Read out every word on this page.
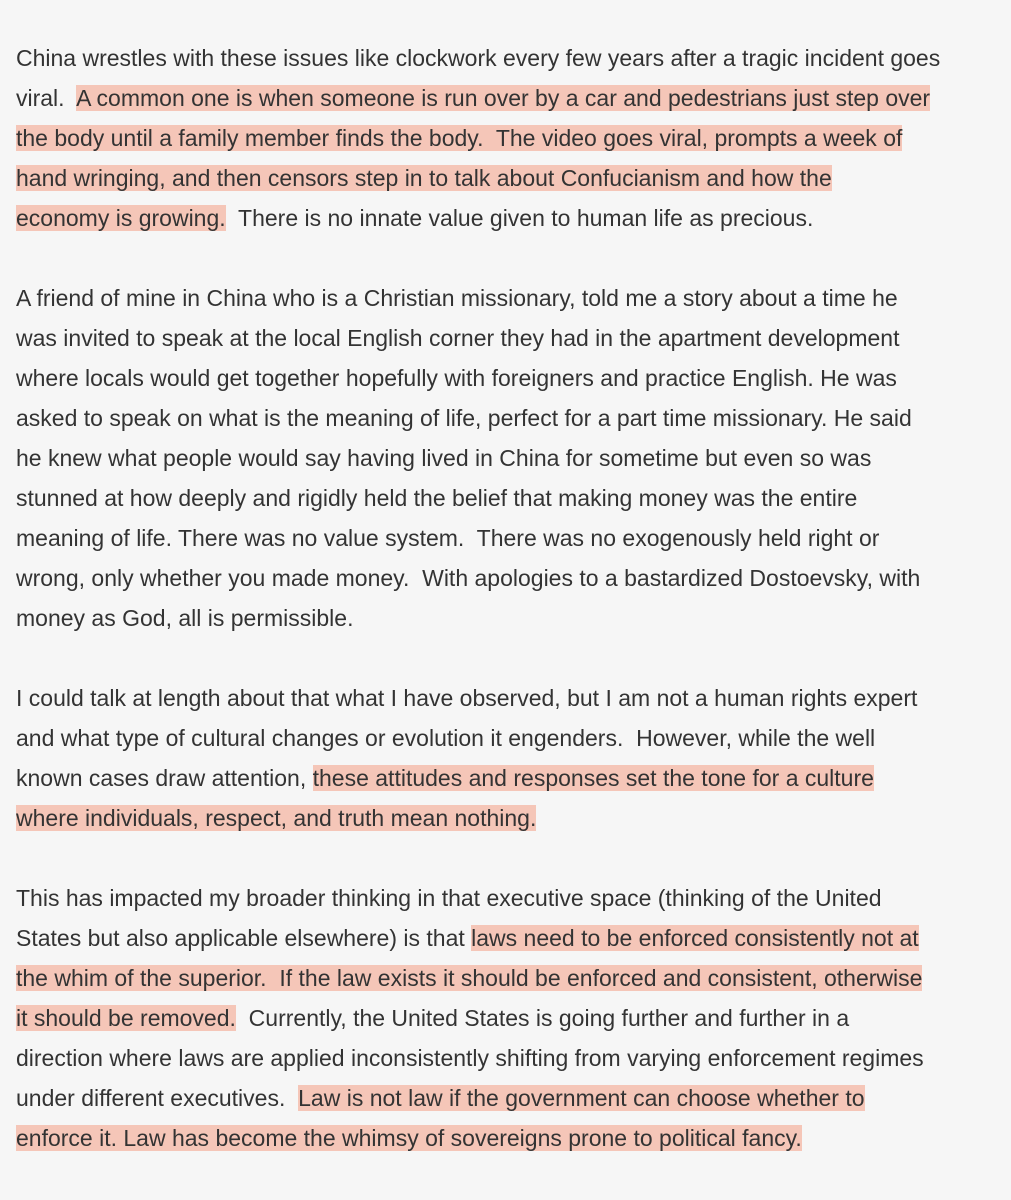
China wrestles with these issues like clockwork every few years after a tragic incident goes
viral.  A common one is when someone is run over by a car and pedestrians just step over
the body until a family member finds the body.  The video goes viral, prompts a week of
hand wringing, and then censors step in to talk about Confucianism and how the
economy is growing.  There is no innate value given to human life as precious.
A friend of mine in China who is a Christian missionary, told me a story about a time he
was invited to speak at the local English corner they had in the apartment development
where locals would get together hopefully with foreigners and practice English. He was
asked to speak on what is the meaning of life, perfect for a part time missionary. He said
he knew what people would say having lived in China for sometime but even so was
stunned at how deeply and rigidly held the belief that making money was the entire
meaning of life. There was no value system.  There was no exogenously held right or
wrong, only whether you made money.  With apologies to a bastardized Dostoevsky, with
money as God, all is permissible.
I could talk at length about that what I have observed, but I am not a human rights expert
and what type of cultural changes or evolution it engenders.  However, while the well
known cases draw attention, these attitudes and responses set the tone for a culture
where individuals, respect, and truth mean nothing.
This has impacted my broader thinking in that executive space (thinking of the United
States but also applicable elsewhere) is that laws need to be enforced consistently not at
the whim of the superior.  If the law exists it should be enforced and consistent, otherwise
it should be removed.  Currently, the United States is going further and further in a
direction where laws are applied inconsistently shifting from varying enforcement regimes
under different executives.  Law is not law if the government can choose whether to
enforce it. Law has become the whimsy of sovereigns prone to political fancy.
